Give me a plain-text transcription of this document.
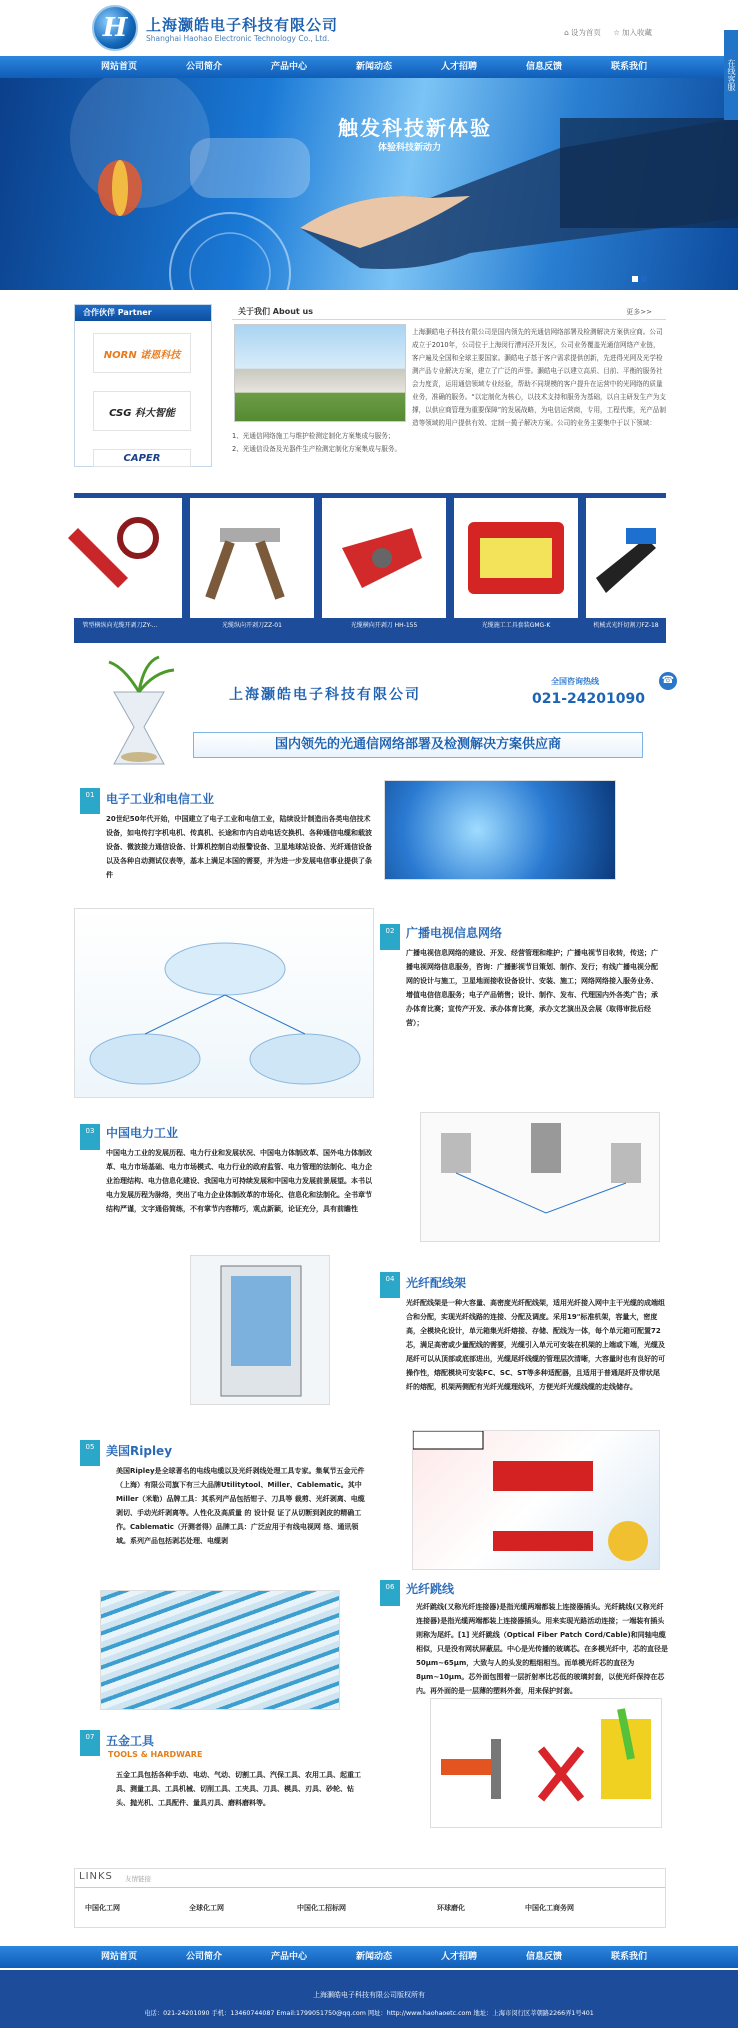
H	上海灏皓电子科技有限公司
Shanghai Haohao Electronic Technology Co., Ltd.
⌂ 设为首页 ☆ 加入收藏
网站首页	公司简介	产品中心	新闻动态	人才招聘	信息反馈	联系我们
触发科技新体验
体验科技新动力
在线客服
合作伙伴 Partner
NORN 诺恩科技
CSG 科大智能
CAPER
关于我们 About us	更多>>
上海灏皓电子科技有限公司是国内领先的光通信网络部署及检测解决方案供应商。公司成立于2010年，公司位于上海闵行漕河泾开发区，公司业务覆盖光通信网络产业链，客户遍及全国和全球主要国家。灏皓电子基于客户需求提供创新，先进得光网及光学检测产品专业解决方案，建立了广泛的声誉。灏皓电子以建立高质、目前、平衡的服务社会力度责，运用通信领域专业经验，帮助不同规模的客户提升在运营中的光网络的质量业务，准确的服务。“以定制化为核心，以技术支持和服务为基础，以自主研发生产为支撑，以供应商管理为重要保障”的发展战略，为电信运营商，专用，工程代维，光产品制造等领域的用户提供有效、定制一揽子解决方案。公司的业务主要集中于以下领域：
1、光通信网络施工与维护检测定制化方案集成与服务；
2、光通信设备及光器件生产检测定制化方案集成与服务。
管型横纵向光缆开剥刀ZY-...	光缆纵向开剥刀ZZ-01	光缆横向开剥刀 HH-155	光缆施工工具套装GMG-K	机械式光纤切割刀FZ-18
上海灏皓电子科技有限公司
☎
全国咨询热线
021-24201090
国内领先的光通信网络部署及检测解决方案供应商
01 电子工业和电信工业
20世纪50年代开始，中国建立了电子工业和电信工业，陆续设计制造出各类电信技术设备，如电传打字机电机、传真机、长途和市内自动电话交换机、各种通信电缆和载波设备、微波接力通信设备、计算机控制自动报警设备、卫星地球站设备、光纤通信设备以及各种自动测试仪表等，基本上满足本国的需要，并为进一步发展电信事业提供了条件
02 广播电视信息网络
广播电视信息网络的建设、开发、经营管理和维护；广播电视节目收转，传送；广播电视网络信息服务，咨询：广播影视节目策划、制作、发行；有线广播电视分配网的设计与施工，卫星地面接收设备设计、安装、施工；网络网络接入服务业务、增值电信信息服务；电子产品销售；设计、制作、发布、代理国内外各类广告；承办体育比赛；宣传产开发、承办体育比赛，承办文艺演出及会展（取得审批后经营）；
03 中国电力工业
中国电力工业的发展历程、电力行业和发展状况、中国电力体制改革、国外电力体制改革、电力市场基础、电力市场模式、电力行业的政府监管、电力管理的法制化、电力企业治理结构、电力信息化建设、我国电力可持续发展和中国电力发展前景展望。本书以电力发展历程为脉络，突出了电力企业体制改革的市场化、信息化和法制化。全书章节结构严谨，文字通俗简练，不有掌节内容精巧，观点新颖，论证充分，具有前瞻性
04 光纤配线架
光纤配线架是一种大容量、高密度光纤配线架，适用光纤接入网中主干光缆的成端组合和分配，实现光纤线路的连接、分配及调度。采用19"标准机架，容量大，密度高，全模块化设计，单元箱集光纤熔接、存储、配线为一体，每个单元箱可配置72芯，满足高密或少量配线的需要，光缆引入单元可安装在机架的上端或下端，光缆及尾纤可以从顶部或底部进出，光缆尾纤线缆的管理层次清晰，大容量时也有良好的可操作性，熔配模块可安装FC、SC、ST等多种适配器，且适用于普通尾纤及带状尾纤的熔配，机架两侧配有光纤光缆理线环，方便光纤光缆线缆的走线储存。
05 美国Ripley
美国Ripley是全球著名的电线电缆以及光纤剥线处理工具专家。集氧节五金元件（上海）有限公司旗下有三大品牌Utilitytool、Miller、Cablematic。其中Miller（米勒）品牌工具：其系列产品包括钳子、刀具等 裁剪、光纤剥离、电缆剥切、手动光纤剥离等。人性化及高质量 的 设计促 证了从切断到剥皮的精确工作。Cablematic（开测者得）品牌工具：广泛应用于有线电视网 络、通讯领域。系列产品包括剥芯处理、电缆剥
06 光纤跳线
光纤跳线(又称光纤连接器)是指光缆两端都装上连接器插头。光纤跳线(又称光纤连接器)是指光缆两端都装上连接器插头。用来实现光路活动连接；一端装有插头则称为尾纤。[1] 光纤跳线（Optical Fiber Patch Cord/Cable)和同轴电缆相似，只是没有网状屏蔽层。中心是光传播的玻璃芯。在多模光纤中，芯的直径是50μm~65μm，大致与人的头发的粗细相当。而单模光纤芯的直径为8μm~10μm。芯外面包围着一层折射率比芯低的玻璃封套，以使光纤保持在芯内。再外面的是一层薄的塑料外套，用来保护封套。
07 五金工具
TOOLS & HARDWARE
五金工具包括各种手动、电动、气动、切割工具、汽保工具、农用工具、起重工具、测量工具、工具机械、切削工具、工夹具、刀具、模具、刃具、砂轮、钻头、抛光机、工具配件、量具刃具、磨料磨料等。
LINKS 友情链接
中国化工网	全球化工网	中国化工招标网	环球磨化	中国化工商务网
网站首页	公司简介	产品中心	新闻动态	人才招聘	信息反馈	联系我们
上海灏皓电子科技有限公司版权所有
电话：021-24201090 手机：13460744087 Email:1799051750@qq.com 网址：http://www.haohaoetc.com 地址：上海市闵行区莘朝路2266弄1号401
